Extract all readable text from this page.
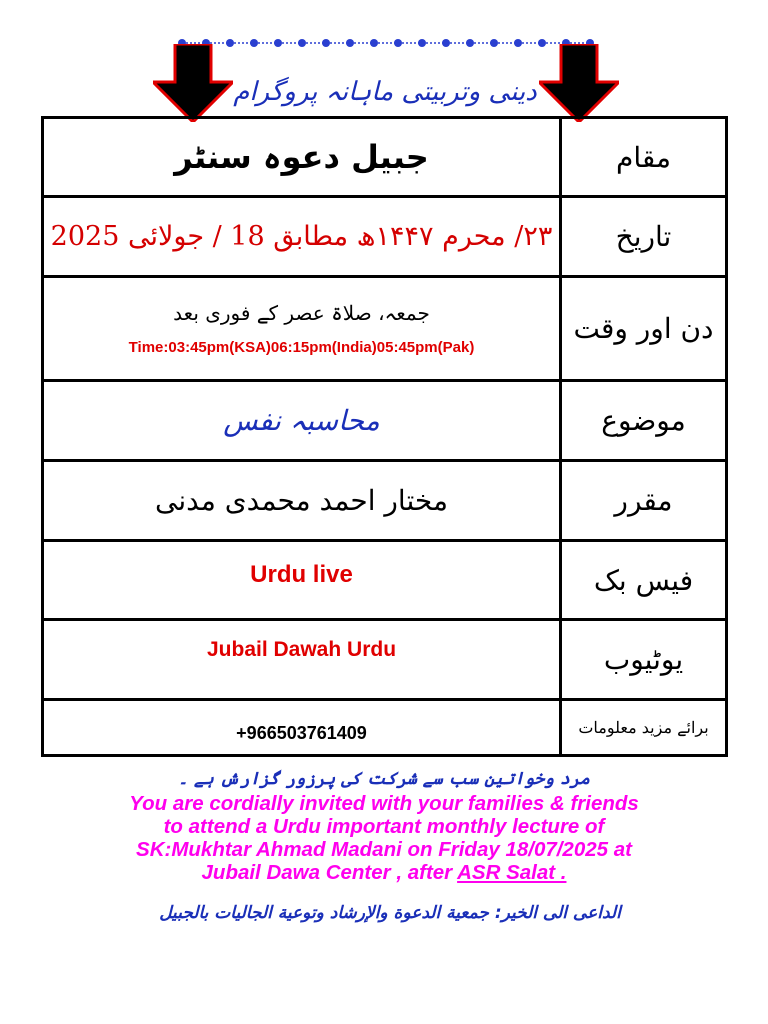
دینی وتربیتی ماہانہ پروگرام
جبیل دعوہ سنٹر	مقام

۲۳/ محرم ۱۴۴۷ھ مطابق 18 / جولائی 2025	تاریخ

جمعہ، صلاۃ عصر کے فوری بعد
Time:03:45pm(KSA)06:15pm(India)05:45pm(Pak)	دن اور وقت

محاسبہ نفس	موضوع

مختار احمد محمدی مدنی	مقرر

Urdu live	فیس بک

Jubail Dawah Urdu	یوٹیوب

+966503761409	برائے مزید معلومات
مرد وخواتین سب سے شرکت کی پرزور گزارش ہے ۔
You are cordially invited with your families & friends
to attend a Urdu important monthly lecture of
SK:Mukhtar Ahmad Madani on Friday 18/07/2025 at
Jubail Dawa Center , after ASR Salat .
الداعی الی الخیر: جمعیة الدعوة والإرشاد وتوعیة الجالیات بالجبیل
